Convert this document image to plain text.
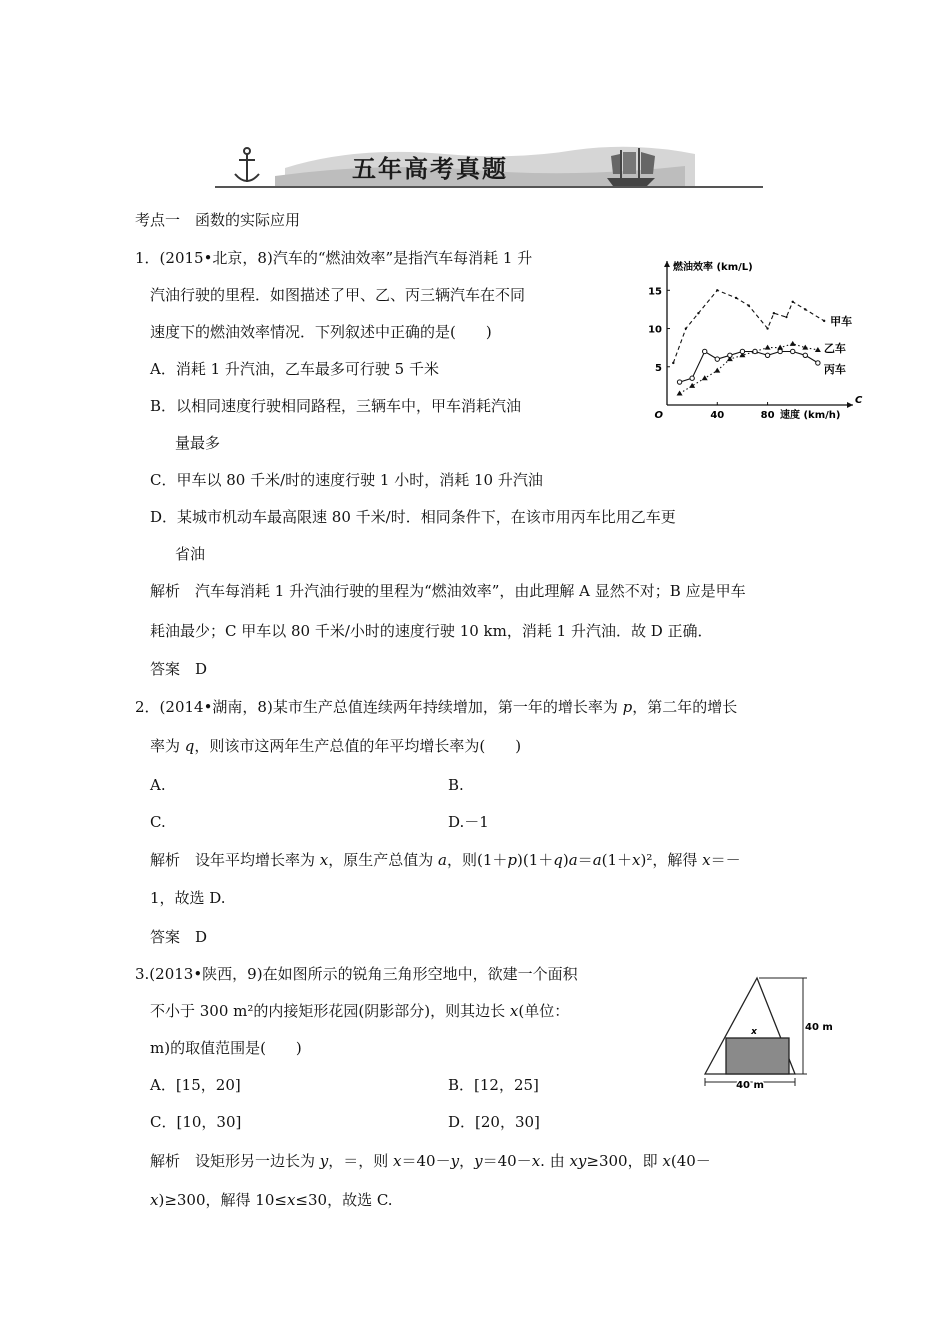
五年高考真题
考点一　函数的实际应用
1．(2015•北京，8)汽车的“燃油效率”是指汽车每消耗 1 升
汽油行驶的里程．如图描述了甲、乙、丙三辆汽车在不同
速度下的燃油效率情况．下列叙述中正确的是(　　)
A．消耗 1 升汽油，乙车最多可行驶 5 千米
B．以相同速度行驶相同路程，三辆车中，甲车消耗汽油
量最多
C．甲车以 80 千米/时的速度行驶 1 小时，消耗 10 升汽油
D．某城市机动车最高限速 80 千米/时．相同条件下，在该市用丙车比用乙车更
省油
解析　汽车每消耗 1 升汽油行驶的里程为“燃油效率”，由此理解 A 显然不对；B 应是甲车
耗油最少；C 甲车以 80 千米/小时的速度行驶 10 km，消耗 1 升汽油．故 D 正确．
答案　D
燃油效率 (km/L)
速度 (km/h)
O
C
40	80
5
10
15
甲车
乙车
丙车
2．(2014•湖南，8)某市生产总值连续两年持续增加，第一年的增长率为 p，第二年的增长
率为 q，则该市这两年生产总值的年平均增长率为(　　)
A.	B.
C.	D.－1
解析　设年平均增长率为 x，原生产总值为 a，则(1＋p)(1＋q)a＝a(1＋x)²，解得 x＝－
1，故选 D.
答案　D
3.(2013•陕西，9)在如图所示的锐角三角形空地中，欲建一个面积
不小于 300 m²的内接矩形花园(阴影部分)，则其边长 x(单位：
m)的取值范围是(　　)
A．[15，20]	B．[12，25]
C．[10，30]	D．[20，30]
解析　设矩形另一边长为 y，＝，则 x＝40－y，y＝40－x. 由 xy≥300，即 x(40－
x)≥300，解得 10≤x≤30，故选 C.
x	40 m
40 m
